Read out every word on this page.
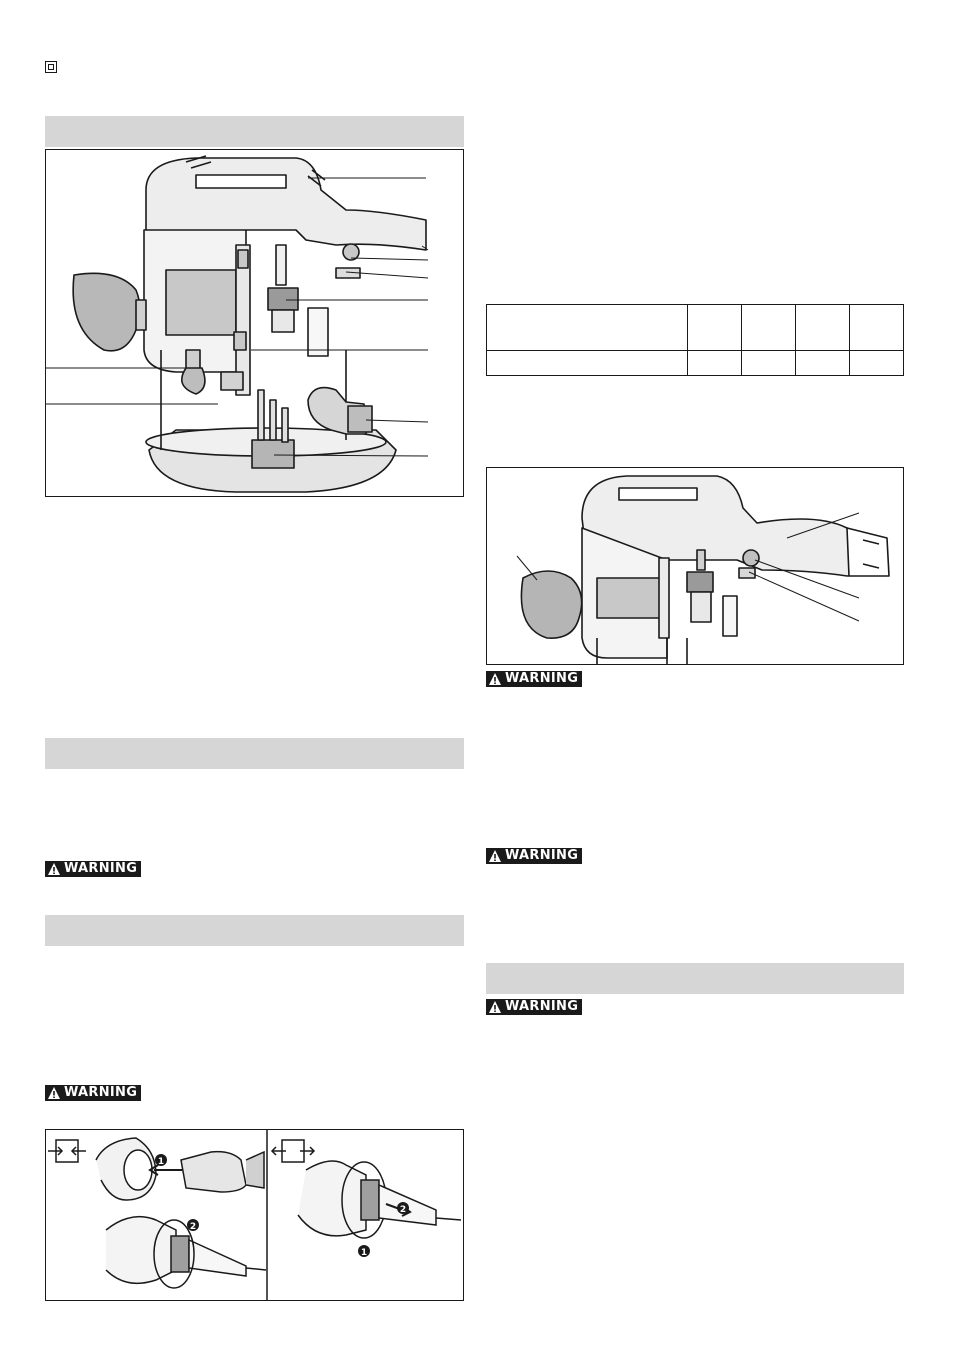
WARNING
WARNING
1
2
1
2

WARNING
WARNING
WARNING
